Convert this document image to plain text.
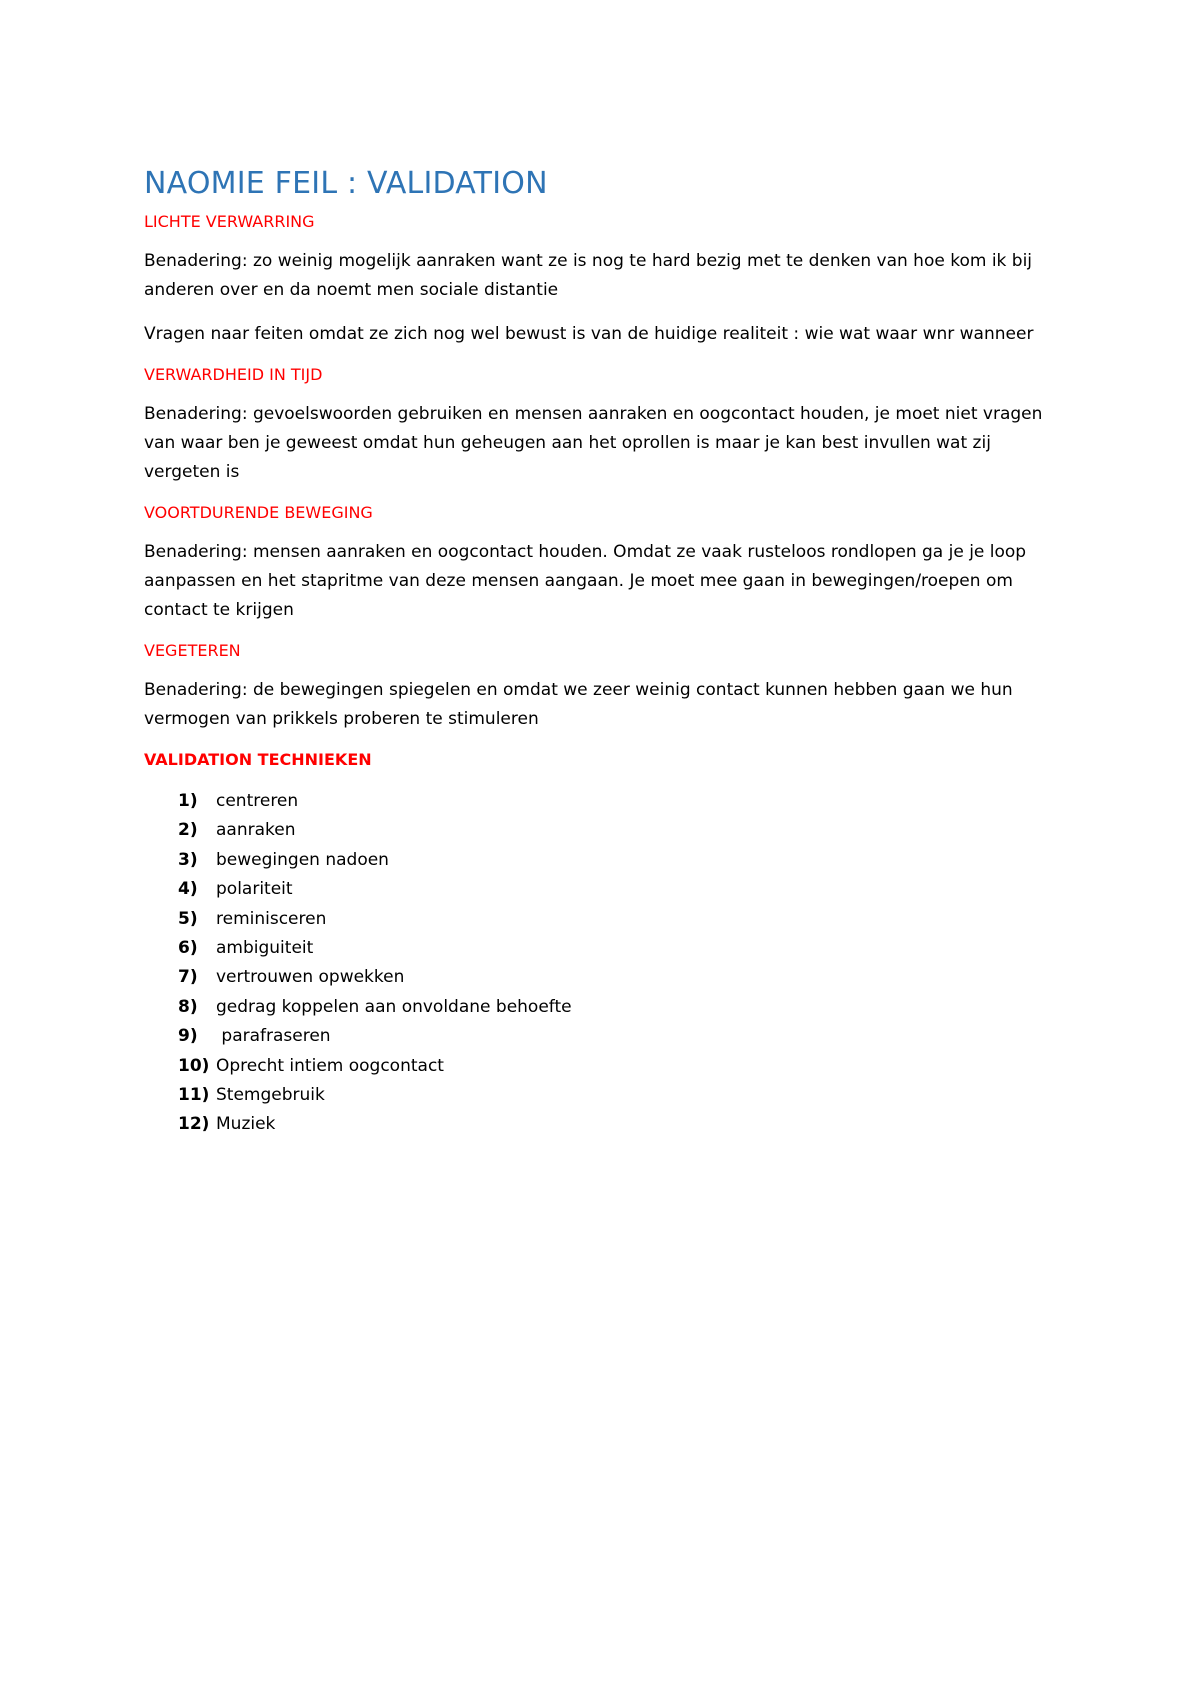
NAOMIE FEIL : VALIDATION
LICHTE VERWARRING

Benadering: zo weinig mogelijk aanraken want ze is nog te hard bezig met te denken van hoe kom ik bij anderen over en da noemt men sociale distantie

Vragen naar feiten omdat ze zich nog wel bewust is van de huidige realiteit : wie wat waar wnr wanneer

VERWARDHEID IN TIJD

Benadering: gevoelswoorden gebruiken en mensen aanraken en oogcontact houden, je moet niet vragen van waar ben je geweest omdat hun geheugen aan het oprollen is maar je kan best invullen wat zij vergeten is

VOORTDURENDE BEWEGING

Benadering: mensen aanraken en oogcontact houden. Omdat ze vaak rusteloos rondlopen ga je je loop aanpassen en het stapritme van deze mensen aangaan. Je moet mee gaan in bewegingen/roepen om contact te krijgen

VEGETEREN

Benadering: de bewegingen spiegelen en omdat we zeer weinig contact kunnen hebben gaan we hun vermogen van prikkels proberen te stimuleren

VALIDATION TECHNIEKEN
1)	centreren
2)	aanraken
3)	bewegingen nadoen
4)	polariteit
5)	reminisceren
6)	ambiguiteit
7)	vertrouwen opwekken
8)	gedrag koppelen aan onvoldane behoefte
9)	parafraseren
10) Oprecht intiem oogcontact
11) Stemgebruik
12) Muziek
